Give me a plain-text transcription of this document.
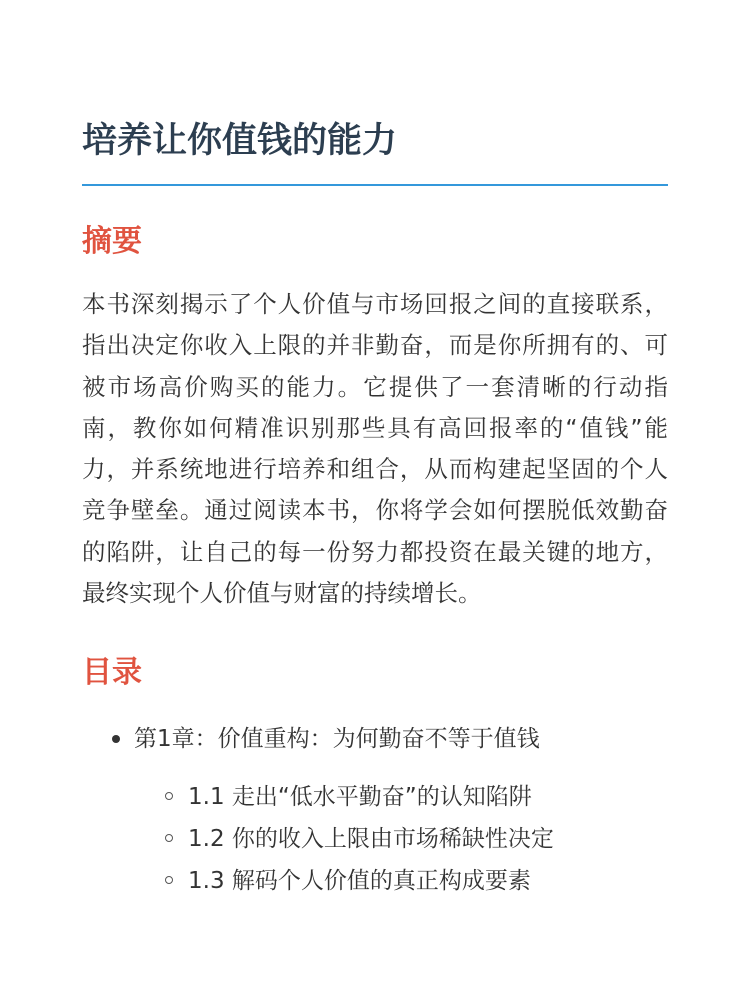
培养让你值钱的能力
摘要

本书深刻揭示了个人价值与市场回报之间的直接联系，指出决定你收入上限的并非勤奋，而是你所拥有的、可被市场高价购买的能力。它提供了一套清晰的行动指南，教你如何精准识别那些具有高回报率的“值钱”能力，并系统地进行培养和组合，从而构建起坚固的个人竞争壁垒。通过阅读本书，你将学会如何摆脱低效勤奋的陷阱，让自己的每一份努力都投资在最关键的地方，最终实现个人价值与财富的持续增长。

目录
第1章：价值重构：为何勤奋不等于值钱
1.1 走出“低水平勤奋”的认知陷阱
1.2 你的收入上限由市场稀缺性决定
1.3 解码个人价值的真正构成要素
